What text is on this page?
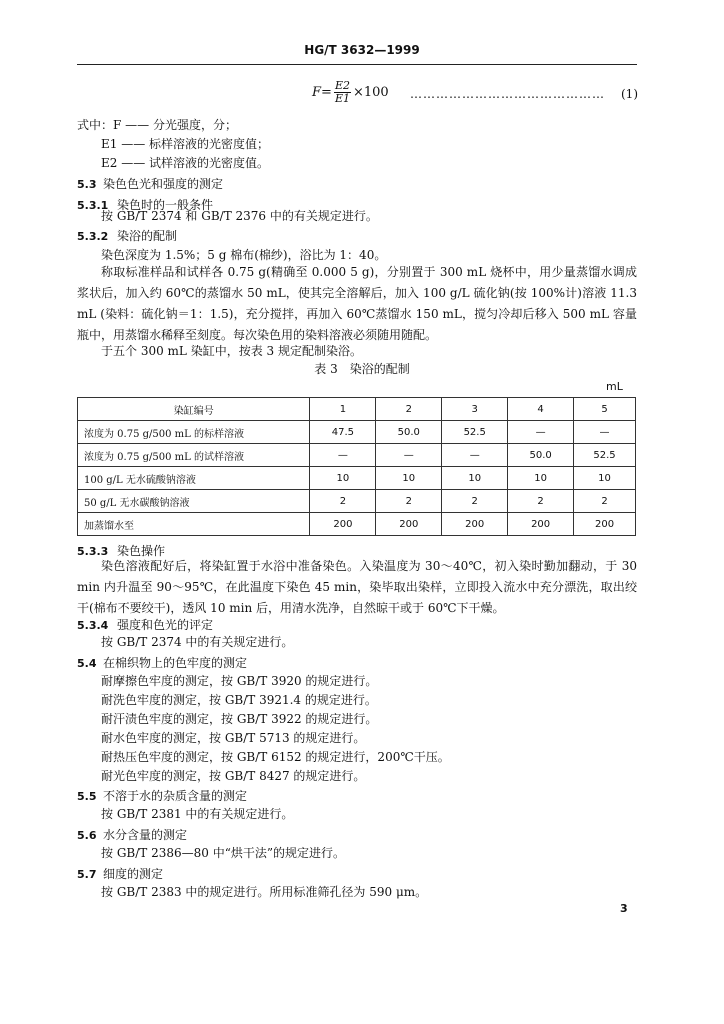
HG/T 3632—1999
$F = \frac{E2}{E1} \times 100$ ……………………………………… (1)
式中：F —— 分光强度，分；
E1 —— 标样溶液的光密度值；
E2 —— 试样溶液的光密度值。
5.3 染色色光和强度的测定
5.3.1 染色时的一般条件
按 GB/T 2374 和 GB/T 2376 中的有关规定进行。
5.3.2 染浴的配制
染色深度为 1.5%；5 g 棉布(棉纱)，浴比为 1：40。
称取标准样品和试样各 0.75 g(精确至 0.000 5 g)，分别置于 300 mL 烧杯中，用少量蒸馏水调成浆状后，加入约 60℃的蒸馏水 50 mL，使其完全溶解后，加入 100 g/L 硫化钠(按 100%计)溶液 11.3 mL (染料：硫化钠＝1：1.5)，充分搅拌，再加入 60℃蒸馏水 150 mL，搅匀冷却后移入 500 mL 容量瓶中，用蒸馏水稀释至刻度。每次染色用的染料溶液必须随用随配。
于五个 300 mL 染缸中，按表 3 规定配制染浴。
表 3　染浴的配制
mL
染缸编号	1	2	3	4	5
浓度为 0.75 g/500 mL 的标样溶液	47.5	50.0	52.5	—	—
浓度为 0.75 g/500 mL 的试样溶液	—	—	—	50.0	52.5
100 g/L 无水硫酸钠溶液	10	10	10	10	10
50 g/L 无水碳酸钠溶液	2	2	2	2	2
加蒸馏水至	200	200	200	200	200
5.3.3 染色操作
染色溶液配好后，将染缸置于水浴中准备染色。入染温度为 30～40℃，初入染时勤加翻动，于 30 min 内升温至 90～95℃，在此温度下染色 45 min，染毕取出染样，立即投入流水中充分漂洗，取出绞干(棉布不要绞干)，透风 10 min 后，用清水洗净，自然晾干或于 60℃下干燥。
5.3.4 强度和色光的评定
按 GB/T 2374 中的有关规定进行。
5.4 在棉织物上的色牢度的测定
耐摩擦色牢度的测定，按 GB/T 3920 的规定进行。
耐洗色牢度的测定，按 GB/T 3921.4 的规定进行。
耐汗渍色牢度的测定，按 GB/T 3922 的规定进行。
耐水色牢度的测定，按 GB/T 5713 的规定进行。
耐热压色牢度的测定，按 GB/T 6152 的规定进行，200℃干压。
耐光色牢度的测定，按 GB/T 8427 的规定进行。
5.5 不溶于水的杂质含量的测定
按 GB/T 2381 中的有关规定进行。
5.6 水分含量的测定
按 GB/T 2386—80 中“烘干法”的规定进行。
5.7 细度的测定
按 GB/T 2383 中的规定进行。所用标准筛孔径为 590 μm。
3
